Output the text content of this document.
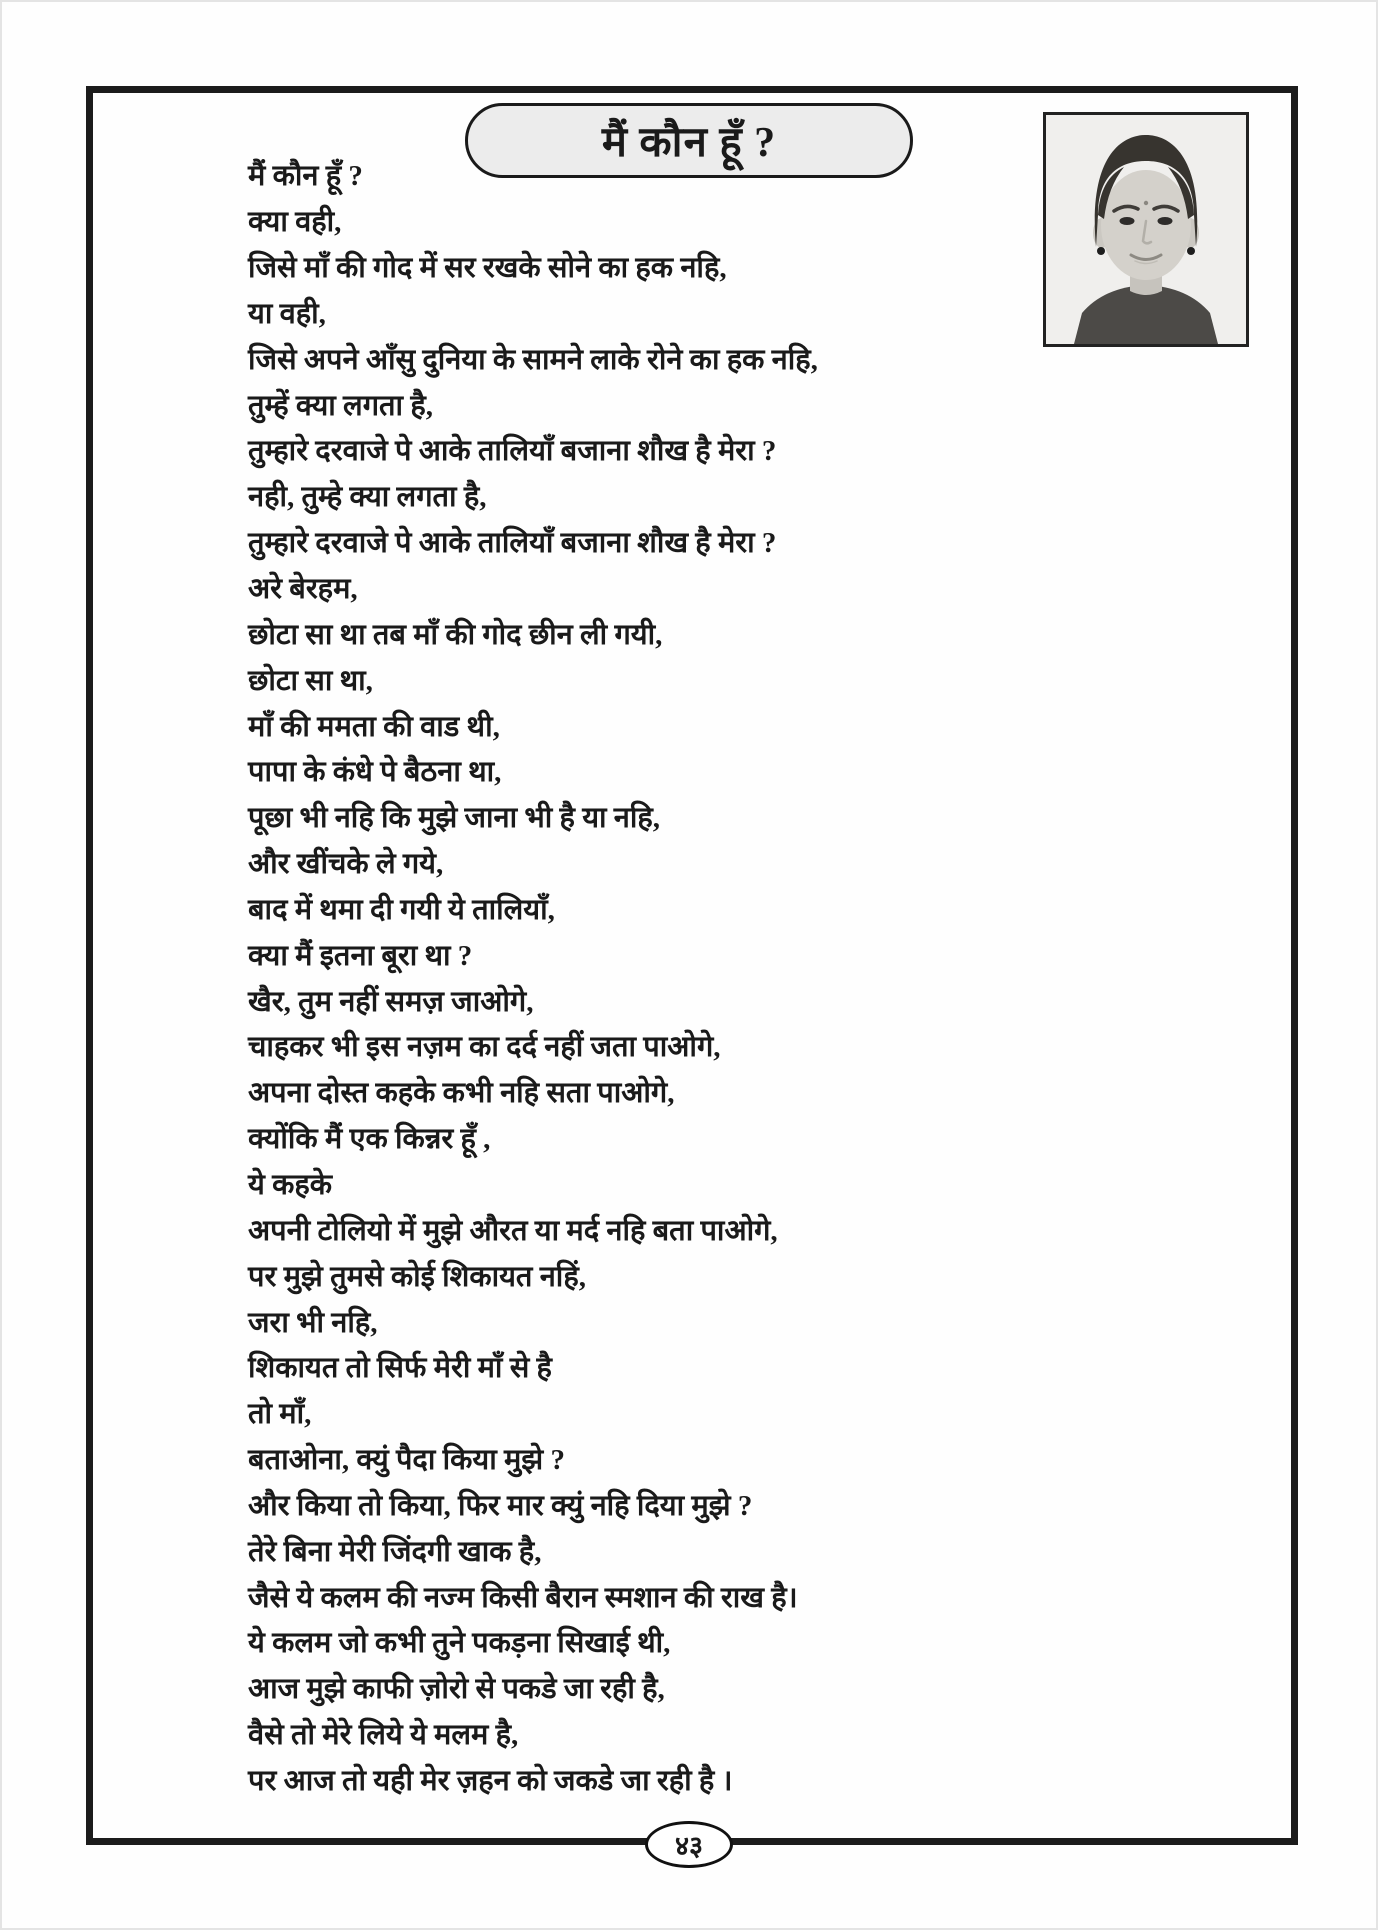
मैं कौन हूँ ?
मैं कौन हूँ ?
क्या वही,
जिसे माँ की गोद में सर रखके सोने का हक नहि,
या वही,
जिसे अपने आँसु दुनिया के सामने लाके रोने का हक नहि,
तुम्हें क्या लगता है,
तुम्हारे दरवाजे पे आके तालियाँ बजाना शौख है मेरा ?
नही, तुम्हे क्या लगता है,
तुम्हारे दरवाजे पे आके तालियाँ बजाना शौख है मेरा ?
अरे बेरहम,
छोटा सा था तब माँ की गोद छीन ली गयी,
छोटा सा था,
माँ की ममता की वाड थी,
पापा के कंधे पे बैठना था,
पूछा भी नहि कि मुझे जाना भी है या नहि,
और खींचके ले गये,
बाद में थमा दी गयी ये तालियाँ,
क्या मैं इतना बूरा था ?
खैर, तुम नहीं समज़ जाओगे,
चाहकर भी इस नज़म का दर्द नहीं जता पाओगे,
अपना दोस्त कहके कभी नहि सता पाओगे,
क्योंकि मैं एक किन्नर हूँ ,
ये कहके
अपनी टोलियो में मुझे औरत या मर्द नहि बता पाओगे,
पर मुझे तुमसे कोई शिकायत नहिं,
जरा भी नहि,
शिकायत तो सिर्फ मेरी माँ से है
तो माँ,
बताओना, क्युं पैदा किया मुझे ?
और किया तो किया, फिर मार क्युं नहि दिया मुझे ?
तेरे बिना मेरी जिंदगी खाक है,
जैसे ये कलम की नज्म किसी बैरान स्मशान की राख है।
ये कलम जो कभी तुने पकड़ना सिखाई थी,
आज मुझे काफी ज़ोरो से पकडे जा रही है,
वैसे तो मेरे लिये ये मलम है,
पर आज तो यही मेर ज़हन को जकडे जा रही है ।
४३
